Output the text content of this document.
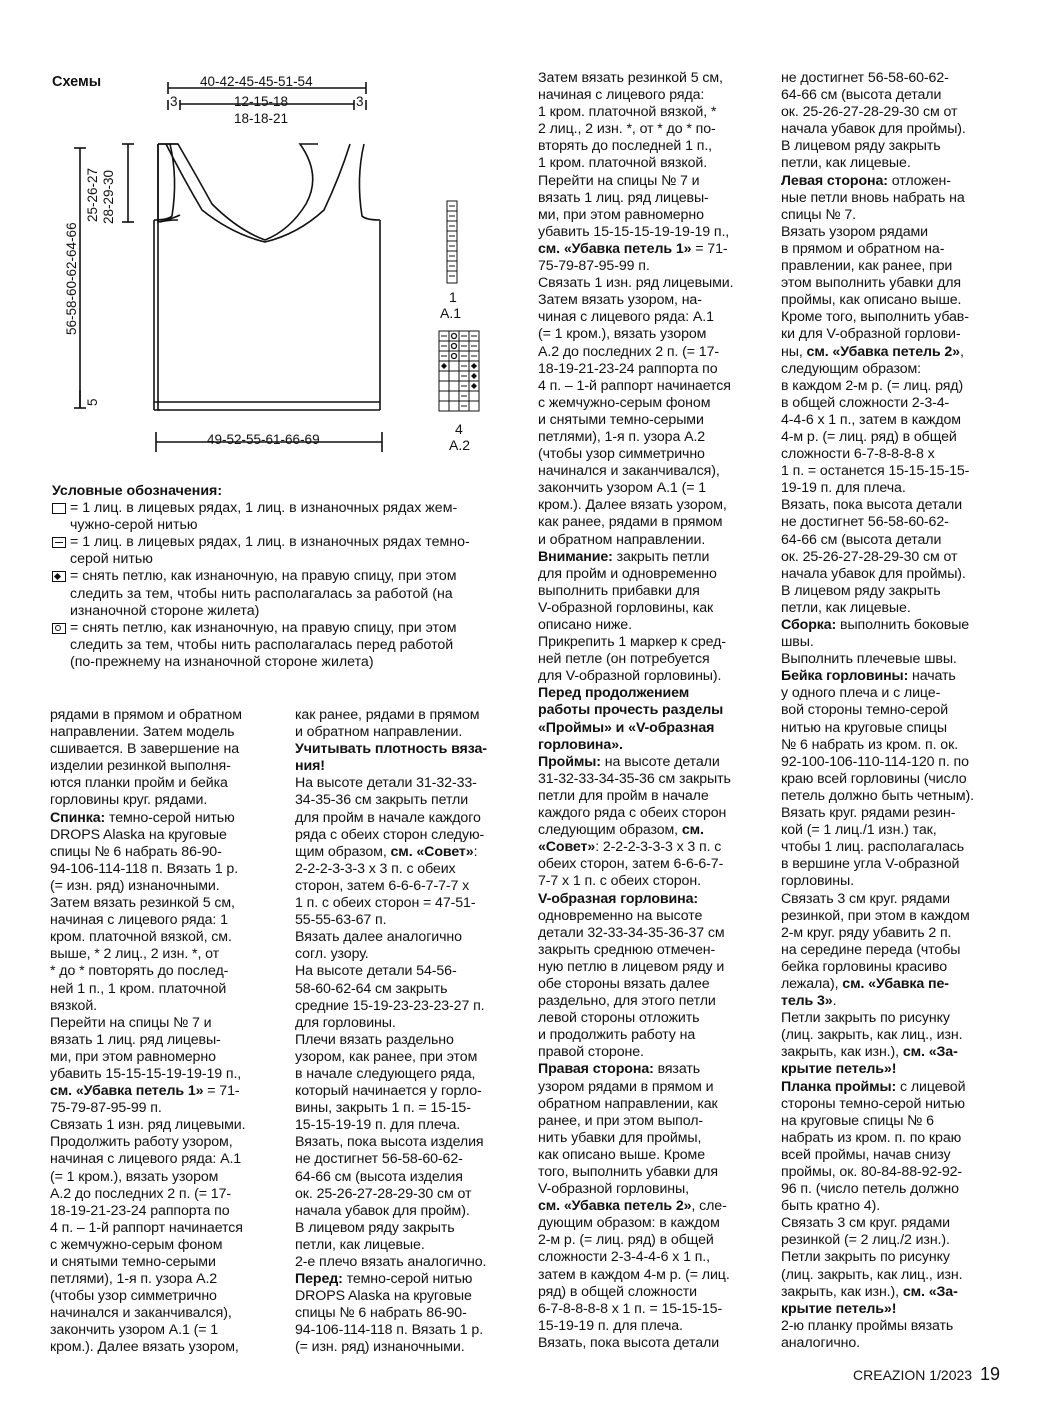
Схемы	40-42-45-45-51-54
3	12-15-18	3
18-18-21
56-58-60-62-64-66
25-26-27 28-29-30
5
49-52-55-61-66-69
1
A.1
4
A.2
Условные обозначения:
= 1 лиц. в лицевых рядах, 1 лиц. в изнаночных рядах жем-
чужно-серой нитью
= 1 лиц. в лицевых рядах, 1 лиц. в изнаночных рядах темно-
серой нитью
= снять петлю, как изнаночную, на правую спицу, при этом
следить за тем, чтобы нить располагалась за работой (на
изнаночной стороне жилета)
= снять петлю, как изнаночную, на правую спицу, при этом
следить за тем, чтобы нить располагалась перед работой
(по-прежнему на изнаночной стороне жилета)
рядами в прямом и обратном
направлении. Затем модель
сшивается. В завершение на
изделии резинкой выполня-
ются планки пройм и бейка
горловины круг. рядами.
Спинка: темно-серой нитью
DROPS Alaska на круговые
спицы № 6 набрать 86-90-
94-106-114-118 п. Вязать 1 р.
(= изн. ряд) изнаночными.
Затем вязать резинкой 5 см,
начиная с лицевого ряда: 1
кром. платочной вязкой, см.
выше, * 2 лиц., 2 изн. *, от
* до * повторять до послед-
ней 1 п., 1 кром. платочной
вязкой.
Перейти на спицы № 7 и
вязать 1 лиц. ряд лицевы-
ми, при этом равномерно
убавить 15-15-15-19-19-19 п.,
см. «Убавка петель 1» = 71-
75-79-87-95-99 п.
Связать 1 изн. ряд лицевыми.
Продолжить работу узором,
начиная с лицевого ряда: A.1
(= 1 кром.), вязать узором
A.2 до последних 2 п. (= 17-
18-19-21-23-24 раппорта по
4 п. – 1-й раппорт начинается
с жемчужно-серым фоном
и снятыми темно-серыми
петлями), 1-я п. узора A.2
(чтобы узор симметрично
начинался и заканчивался),
закончить узором A.1 (= 1
кром.). Далее вязать узором,
как ранее, рядами в прямом
и обратном направлении.
Учитывать плотность вяза-
ния!
На высоте детали 31-32-33-
34-35-36 см закрыть петли
для пройм в начале каждого
ряда с обеих сторон следую-
щим образом, см. «Совет»:
2-2-2-3-3-3 х 3 п. с обеих
сторон, затем 6-6-6-7-7-7 х
1 п. с обеих сторон = 47-51-
55-55-63-67 п.
Вязать далее аналогично
согл. узору.
На высоте детали 54-56-
58-60-62-64 см закрыть
средние 15-19-23-23-23-27 п.
для горловины.
Плечи вязать раздельно
узором, как ранее, при этом
в начале следующего ряда,
который начинается у горло-
вины, закрыть 1 п. = 15-15-
15-15-19-19 п. для плеча.
Вязать, пока высота изделия
не достигнет 56-58-60-62-
64-66 см (высота изделия
ок. 25-26-27-28-29-30 см от
начала убавок для пройм).
В лицевом ряду закрыть
петли, как лицевые.
2-е плечо вязать аналогично.
Перед: темно-серой нитью
DROPS Alaska на круговые
спицы № 6 набрать 86-90-
94-106-114-118 п. Вязать 1 р.
(= изн. ряд) изнаночными.
Затем вязать резинкой 5 см,
начиная с лицевого ряда:
1 кром. платочной вязкой, *
2 лиц., 2 изн. *, от * до * по-
вторять до последней 1 п.,
1 кром. платочной вязкой.
Перейти на спицы № 7 и
вязать 1 лиц. ряд лицевы-
ми, при этом равномерно
убавить 15-15-15-19-19-19 п.,
см. «Убавка петель 1» = 71-
75-79-87-95-99 п.
Связать 1 изн. ряд лицевыми.
Затем вязать узором, на-
чиная с лицевого ряда: A.1
(= 1 кром.), вязать узором
A.2 до последних 2 п. (= 17-
18-19-21-23-24 раппорта по
4 п. – 1-й раппорт начинается
с жемчужно-серым фоном
и снятыми темно-серыми
петлями), 1-я п. узора A.2
(чтобы узор симметрично
начинался и заканчивался),
закончить узором A.1 (= 1
кром.). Далее вязать узором,
как ранее, рядами в прямом
и обратном направлении.
Внимание: закрыть петли
для пройм и одновременно
выполнить прибавки для
V-образной горловины, как
описано ниже.
Прикрепить 1 маркер к сред-
ней петле (он потребуется
для V-образной горловины).
Перед продолжением
работы прочесть разделы
«Проймы» и «V-образная
горловина».
Проймы: на высоте детали
31-32-33-34-35-36 см закрыть
петли для пройм в начале
каждого ряда с обеих сторон
следующим образом, см.
«Совет»: 2-2-2-3-3-3 х 3 п. с
обеих сторон, затем 6-6-6-7-
7-7 х 1 п. с обеих сторон.
V-образная горловина:
одновременно на высоте
детали 32-33-34-35-36-37 см
закрыть среднюю отмечен-
ную петлю в лицевом ряду и
обе стороны вязать далее
раздельно, для этого петли
левой стороны отложить
и продолжить работу на
правой стороне.
Правая сторона: вязать
узором рядами в прямом и
обратном направлении, как
ранее, и при этом выпол-
нить убавки для проймы,
как описано выше. Кроме
того, выполнить убавки для
V-образной горловины,
см. «Убавка петель 2», сле-
дующим образом: в каждом
2-м р. (= лиц. ряд) в общей
сложности 2-3-4-4-6 х 1 п.,
затем в каждом 4-м р. (= лиц.
ряд) в общей сложности
6-7-8-8-8-8 х 1 п. = 15-15-15-
15-19-19 п. для плеча.
Вязать, пока высота детали
не достигнет 56-58-60-62-
64-66 см (высота детали
ок. 25-26-27-28-29-30 см от
начала убавок для проймы).
В лицевом ряду закрыть
петли, как лицевые.
Левая сторона: отложен-
ные петли вновь набрать на
спицы № 7.
Вязать узором рядами
в прямом и обратном на-
правлении, как ранее, при
этом выполнить убавки для
проймы, как описано выше.
Кроме того, выполнить убав-
ки для V-образной горлови-
ны, см. «Убавка петель 2»,
следующим образом:
в каждом 2-м р. (= лиц. ряд)
в общей сложности 2-3-4-
4-4-6 х 1 п., затем в каждом
4-м р. (= лиц. ряд) в общей
сложности 6-7-8-8-8-8 х
1 п. = останется 15-15-15-15-
19-19 п. для плеча.
Вязать, пока высота детали
не достигнет 56-58-60-62-
64-66 см (высота детали
ок. 25-26-27-28-29-30 см от
начала убавок для проймы).
В лицевом ряду закрыть
петли, как лицевые.
Сборка: выполнить боковые
швы.
Выполнить плечевые швы.
Бейка горловины: начать
у одного плеча и с лице-
вой стороны темно-серой
нитью на круговые спицы
№ 6 набрать из кром. п. ок.
92-100-106-110-114-120 п. по
краю всей горловины (число
петель должно быть четным).
Вязать круг. рядами резин-
кой (= 1 лиц./1 изн.) так,
чтобы 1 лиц. располагалась
в вершине угла V-образной
горловины.
Связать 3 см круг. рядами
резинкой, при этом в каждом
2-м круг. ряду убавить 2 п.
на середине переда (чтобы
бейка горловины красиво
лежала), см. «Убавка пе-
тель 3».
Петли закрыть по рисунку
(лиц. закрыть, как лиц., изн.
закрыть, как изн.), см. «За-
крытие петель»!
Планка проймы: с лицевой
стороны темно-серой нитью
на круговые спицы № 6
набрать из кром. п. по краю
всей проймы, начав снизу
проймы, ок. 80-84-88-92-92-
96 п. (число петель должно
быть кратно 4).
Связать 3 см круг. рядами
резинкой (= 2 лиц./2 изн.).
Петли закрыть по рисунку
(лиц. закрыть, как лиц., изн.
закрыть, как изн.), см. «За-
крытие петель»!
2-ю планку проймы вязать
аналогично.
CREAZION 1/2023 19
